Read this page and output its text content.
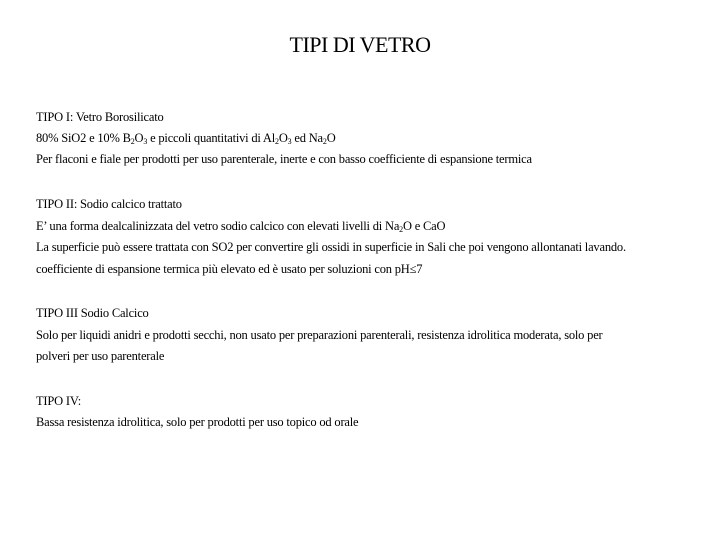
TIPI DI VETRO
TIPO I: Vetro Borosilicato
80% SiO2 e 10% $B_2O_3$ e piccoli quantitativi di $Al_2O_3$ ed $Na_2O$
Per flaconi e fiale per prodotti per uso parenterale, inerte e con basso coefficiente di espansione termica
TIPO II: Sodio calcico trattato
E’ una forma dealcalinizzata del vetro sodio calcico con elevati livelli di $Na_2O$ e CaO
La superficie può essere trattata con SO2 per convertire gli ossidi in superficie in Sali che poi vengono allontanati lavando.
coefficiente di espansione termica più elevato ed è usato per soluzioni con pH≤7
TIPO III Sodio Calcico
Solo per liquidi anidri e prodotti secchi, non usato per preparazioni parenterali, resistenza idrolitica moderata, solo per
polveri per uso parenterale
TIPO IV:
Bassa resistenza idrolitica, solo per prodotti per uso topico od orale
